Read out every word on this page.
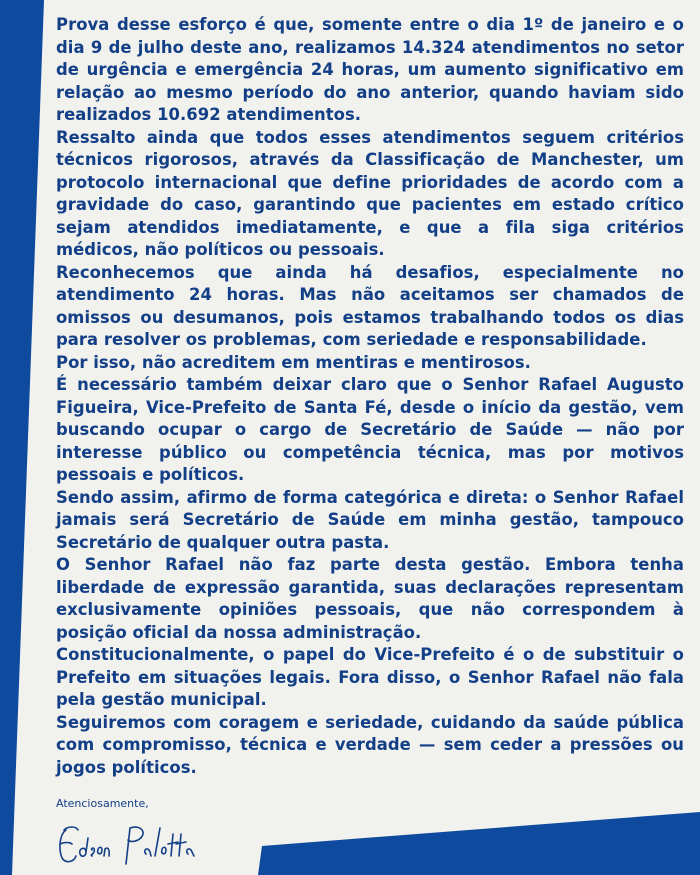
Prova desse esforço é que, somente entre o dia 1º de janeiro e o dia 9 de julho deste ano, realizamos 14.324 atendimentos no setor de urgência e emergência 24 horas, um aumento significativo em relação ao mesmo período do ano anterior, quando haviam sido realizados 10.692 atendimentos.

Ressalto ainda que todos esses atendimentos seguem critérios técnicos rigorosos, através da Classificação de Manchester, um protocolo internacional que define prioridades de acordo com a gravidade do caso, garantindo que pacientes em estado crítico sejam atendidos imediatamente, e que a fila siga critérios médicos, não políticos ou pessoais.

Reconhecemos que ainda há desafios, especialmente no atendimento 24 horas. Mas não aceitamos ser chamados de omissos ou desumanos, pois estamos trabalhando todos os dias para resolver os problemas, com seriedade e responsabilidade.

Por isso, não acreditem em mentiras e mentirosos.

É necessário também deixar claro que o Senhor Rafael Augusto Figueira, Vice-Prefeito de Santa Fé, desde o início da gestão, vem buscando ocupar o cargo de Secretário de Saúde — não por interesse público ou competência técnica, mas por motivos pessoais e políticos.

Sendo assim, afirmo de forma categórica e direta: o Senhor Rafael jamais será Secretário de Saúde em minha gestão, tampouco Secretário de qualquer outra pasta.

O Senhor Rafael não faz parte desta gestão. Embora tenha liberdade de expressão garantida, suas declarações representam exclusivamente opiniões pessoais, que não correspondem à posição oficial da nossa administração.

Constitucionalmente, o papel do Vice-Prefeito é o de substituir o Prefeito em situações legais. Fora disso, o Senhor Rafael não fala pela gestão municipal.

Seguiremos com coragem e seriedade, cuidando da saúde pública com compromisso, técnica e verdade — sem ceder a pressões ou jogos políticos.

Atenciosamente,
